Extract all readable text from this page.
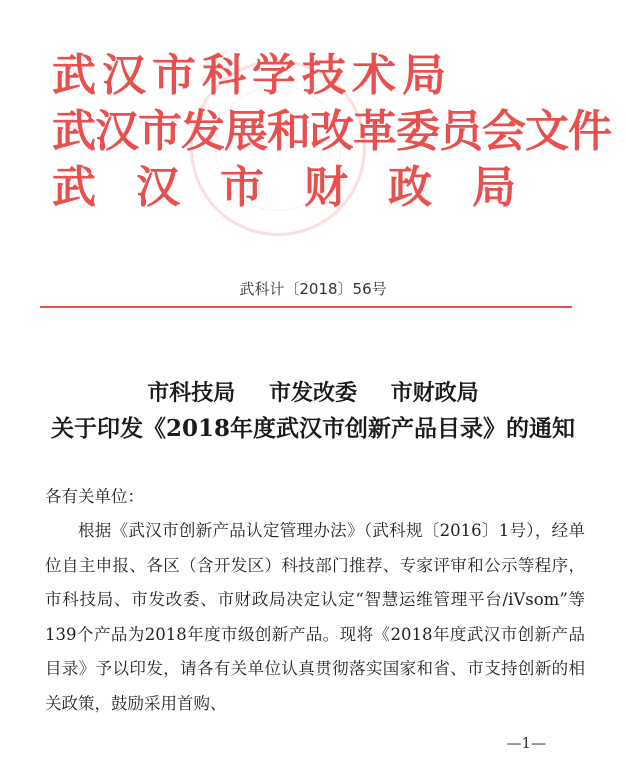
武汉市科学技术局
武汉市发展和改革委员会文件
武汉市财政局
武科计〔2018〕56号
市科技局 市发改委 市财政局
关于印发《2018年度武汉市创新产品目录》的通知
各有关单位：
根据《武汉市创新产品认定管理办法》（武科规〔2016〕1号），经单位自主申报、各区（含开发区）科技部门推荐、专家评审和公示等程序，市科技局、市发改委、市财政局决定认定“智慧运维管理平台/iVsom”等139个产品为2018年度市级创新产品。现将《2018年度武汉市创新产品目录》予以印发，请各有关单位认真贯彻落实国家和省、市支持创新的相关政策，鼓励采用首购、
—1—
